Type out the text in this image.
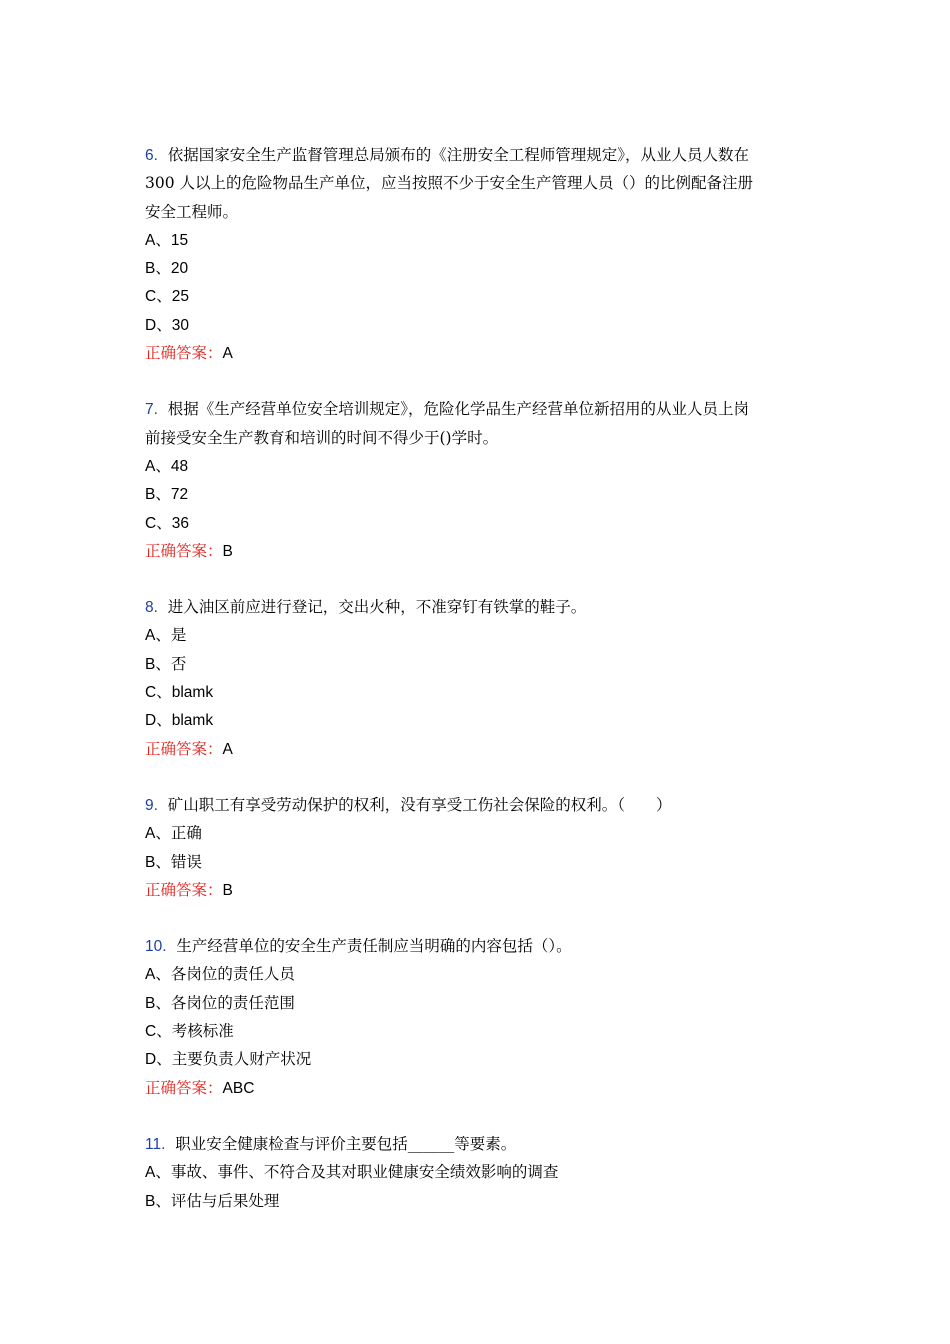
6. 依据国家安全生产监督管理总局颁布的《注册安全工程师管理规定》，从业人员人数在
300 人以上的危险物品生产单位，应当按照不少于安全生产管理人员（）的比例配备注册
安全工程师。
A、15
B、20
C、25
D、30
正确答案：A
7. 根据《生产经营单位安全培训规定》，危险化学品生产经营单位新招用的从业人员上岗
前接受安全生产教育和培训的时间不得少于()学时。
A、48
B、72
C、36
正确答案：B
8. 进入油区前应进行登记，交出火种，不准穿钉有铁掌的鞋子。
A、是
B、否
C、blamk
D、blamk
正确答案：A
9. 矿山职工有享受劳动保护的权利，没有享受工伤社会保险的权利。（　　）
A、正确
B、错误
正确答案：B
10. 生产经营单位的安全生产责任制应当明确的内容包括（）。
A、各岗位的责任人员
B、各岗位的责任范围
C、考核标准
D、主要负责人财产状况
正确答案：ABC
11. 职业安全健康检查与评价主要包括______等要素。
A、事故、事件、不符合及其对职业健康安全绩效影响的调查
B、评估与后果处理
